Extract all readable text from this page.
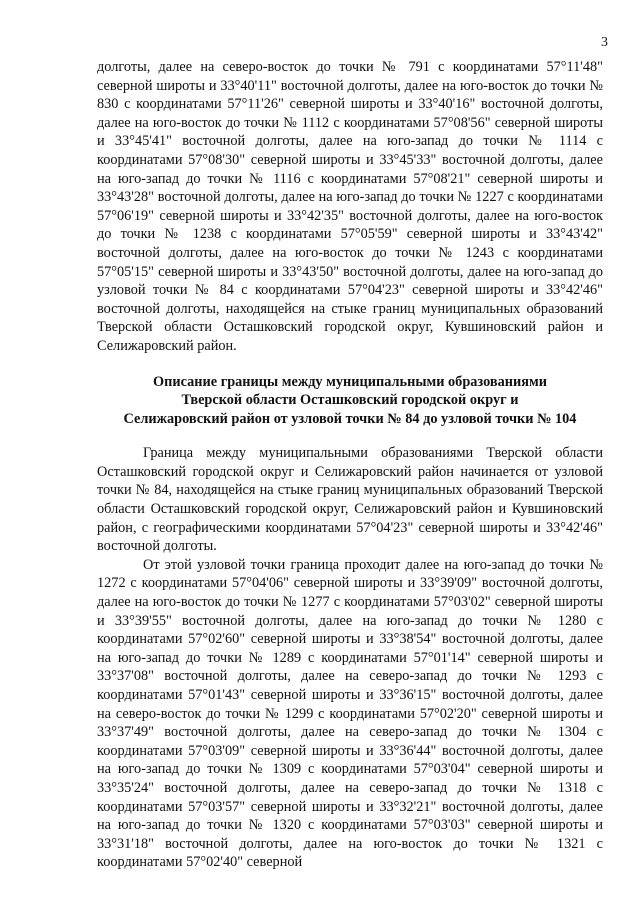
3

долготы, далее на северо-восток до точки № 791 с координатами 57°11'48" северной широты и 33°40'11" восточной долготы, далее на юго-восток до точки № 830 с координатами 57°11'26" северной широты и 33°40'16" восточной долготы, далее на юго-восток до точки № 1112 с координатами 57°08'56" северной широты и 33°45'41" восточной долготы, далее на юго-запад до точки № 1114 с координатами 57°08'30" северной широты и 33°45'33" восточной долготы, далее на юго-запад до точки № 1116 с координатами 57°08'21" северной широты и 33°43'28" восточной долготы, далее на юго-запад до точки № 1227 с координатами 57°06'19" северной широты и 33°42'35" восточной долготы, далее на юго-восток до точки № 1238 с координатами 57°05'59" северной широты и 33°43'42" восточной долготы, далее на юго-восток до точки № 1243 с координатами 57°05'15" северной широты и 33°43'50" восточной долготы, далее на юго-запад до узловой точки № 84 с координатами 57°04'23" северной широты и 33°42'46" восточной долготы, находящейся на стыке границ муниципальных образований Тверской области Осташковский городской округ, Кувшиновский район и Селижаровский район.

Описание границы между муниципальными образованиями
Тверской области Осташковский городской округ и
Селижаровский район от узловой точки № 84 до узловой точки № 104

Граница между муниципальными образованиями Тверской области Осташковский городской округ и Селижаровский район начинается от узловой точки № 84, находящейся на стыке границ муниципальных образований Тверской области Осташковский городской округ, Селижаровский район и Кувшиновский район, с географическими координатами 57°04'23" северной широты и 33°42'46" восточной долготы.

От этой узловой точки граница проходит далее на юго-запад до точки № 1272 с координатами 57°04'06" северной широты и 33°39'09" восточной долготы, далее на юго-восток до точки № 1277 с координатами 57°03'02" северной широты и 33°39'55" восточной долготы, далее на юго-запад до точки № 1280 с координатами 57°02'60" северной широты и 33°38'54" восточной долготы, далее на юго-запад до точки № 1289 с координатами 57°01'14" северной широты и 33°37'08" восточной долготы, далее на северо-запад до точки № 1293 с координатами 57°01'43" северной широты и 33°36'15" восточной долготы, далее на северо-восток до точки № 1299 с координатами 57°02'20" северной широты и 33°37'49" восточной долготы, далее на северо-запад до точки № 1304 с координатами 57°03'09" северной широты и 33°36'44" восточной долготы, далее на юго-запад до точки № 1309 с координатами 57°03'04" северной широты и 33°35'24" восточной долготы, далее на северо-запад до точки № 1318 с координатами 57°03'57" северной широты и 33°32'21" восточной долготы, далее на юго-запад до точки № 1320 с координатами 57°03'03" северной широты и 33°31'18" восточной долготы, далее на юго-восток до точки № 1321 с координатами 57°02'40" северной
